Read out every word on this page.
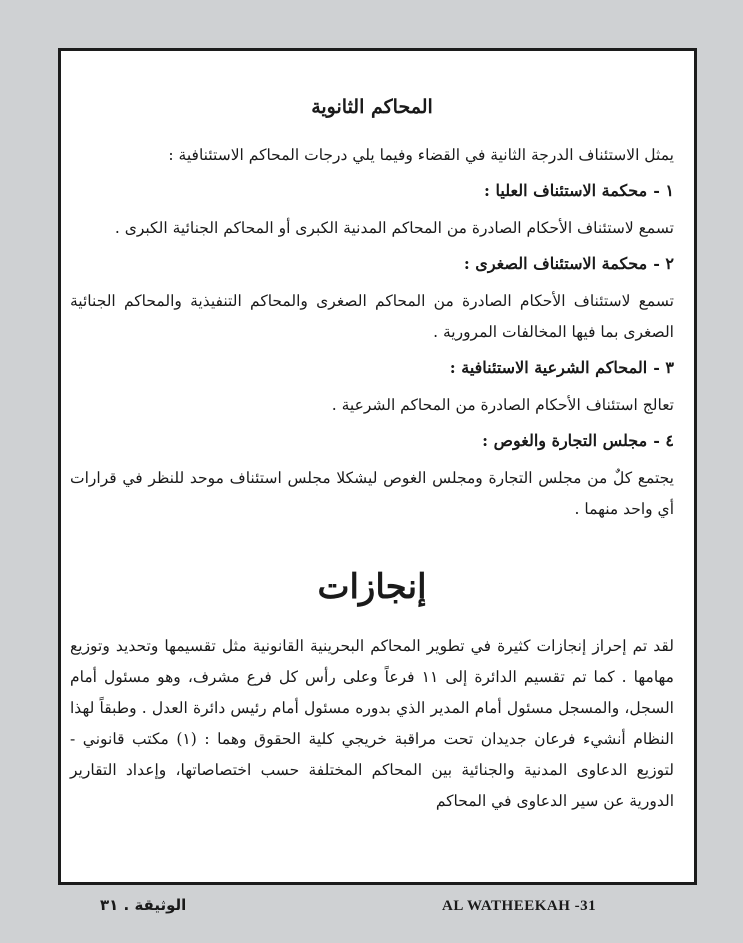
المحاكم الثانوية

يمثل الاستئناف الدرجة الثانية في القضاء وفيما يلي درجات المحاكم الاستئنافية :

١ -محكمة الاستئناف العليا :

تسمع لاستئناف الأحكام الصادرة من المحاكم المدنية الكبرى أو المحاكم الجنائية الكبرى .

٢ -محكمة الاستئناف الصغرى :

تسمع لاستئناف الأحكام الصادرة من المحاكم الصغرى والمحاكم التنفيذية والمحاكم الجنائية الصغرى بما فيها المخالفات المرورية .

٣ -المحاكم الشرعية الاستئنافية :

تعالج استئناف الأحكام الصادرة من المحاكم الشرعية .

٤ -مجلس التجارة والغوص :

يجتمع كلٌ من مجلس التجارة ومجلس الغوص ليشكلا مجلس استئناف موحد للنظر في قرارات أي واحد منهما .

إنجازات

لقد تم إحراز إنجازات كثيرة في تطوير المحاكم البحرينية القانونية مثل تقسيمها وتحديد وتوزيع مهامها . كما تم تقسيم الدائرة إلى ١١ فرعاً وعلى رأس كل فرع مشرف، وهو مسئول أمام السجل، والمسجل مسئول أمام المدير الذي بدوره مسئول أمام رئيس دائرة العدل . وطبقاً لهذا النظام أنشيء فرعان جديدان تحت مراقبة خريجي كلية الحقوق وهما : (١) مكتب قانوني - لتوزيع الدعاوى المدنية والجنائية بين المحاكم المختلفة حسب اختصاصاتها، وإعداد التقارير الدورية عن سير الدعاوى في المحاكم

AL WATHEEKAH -31
الوثيقة . ٣١
